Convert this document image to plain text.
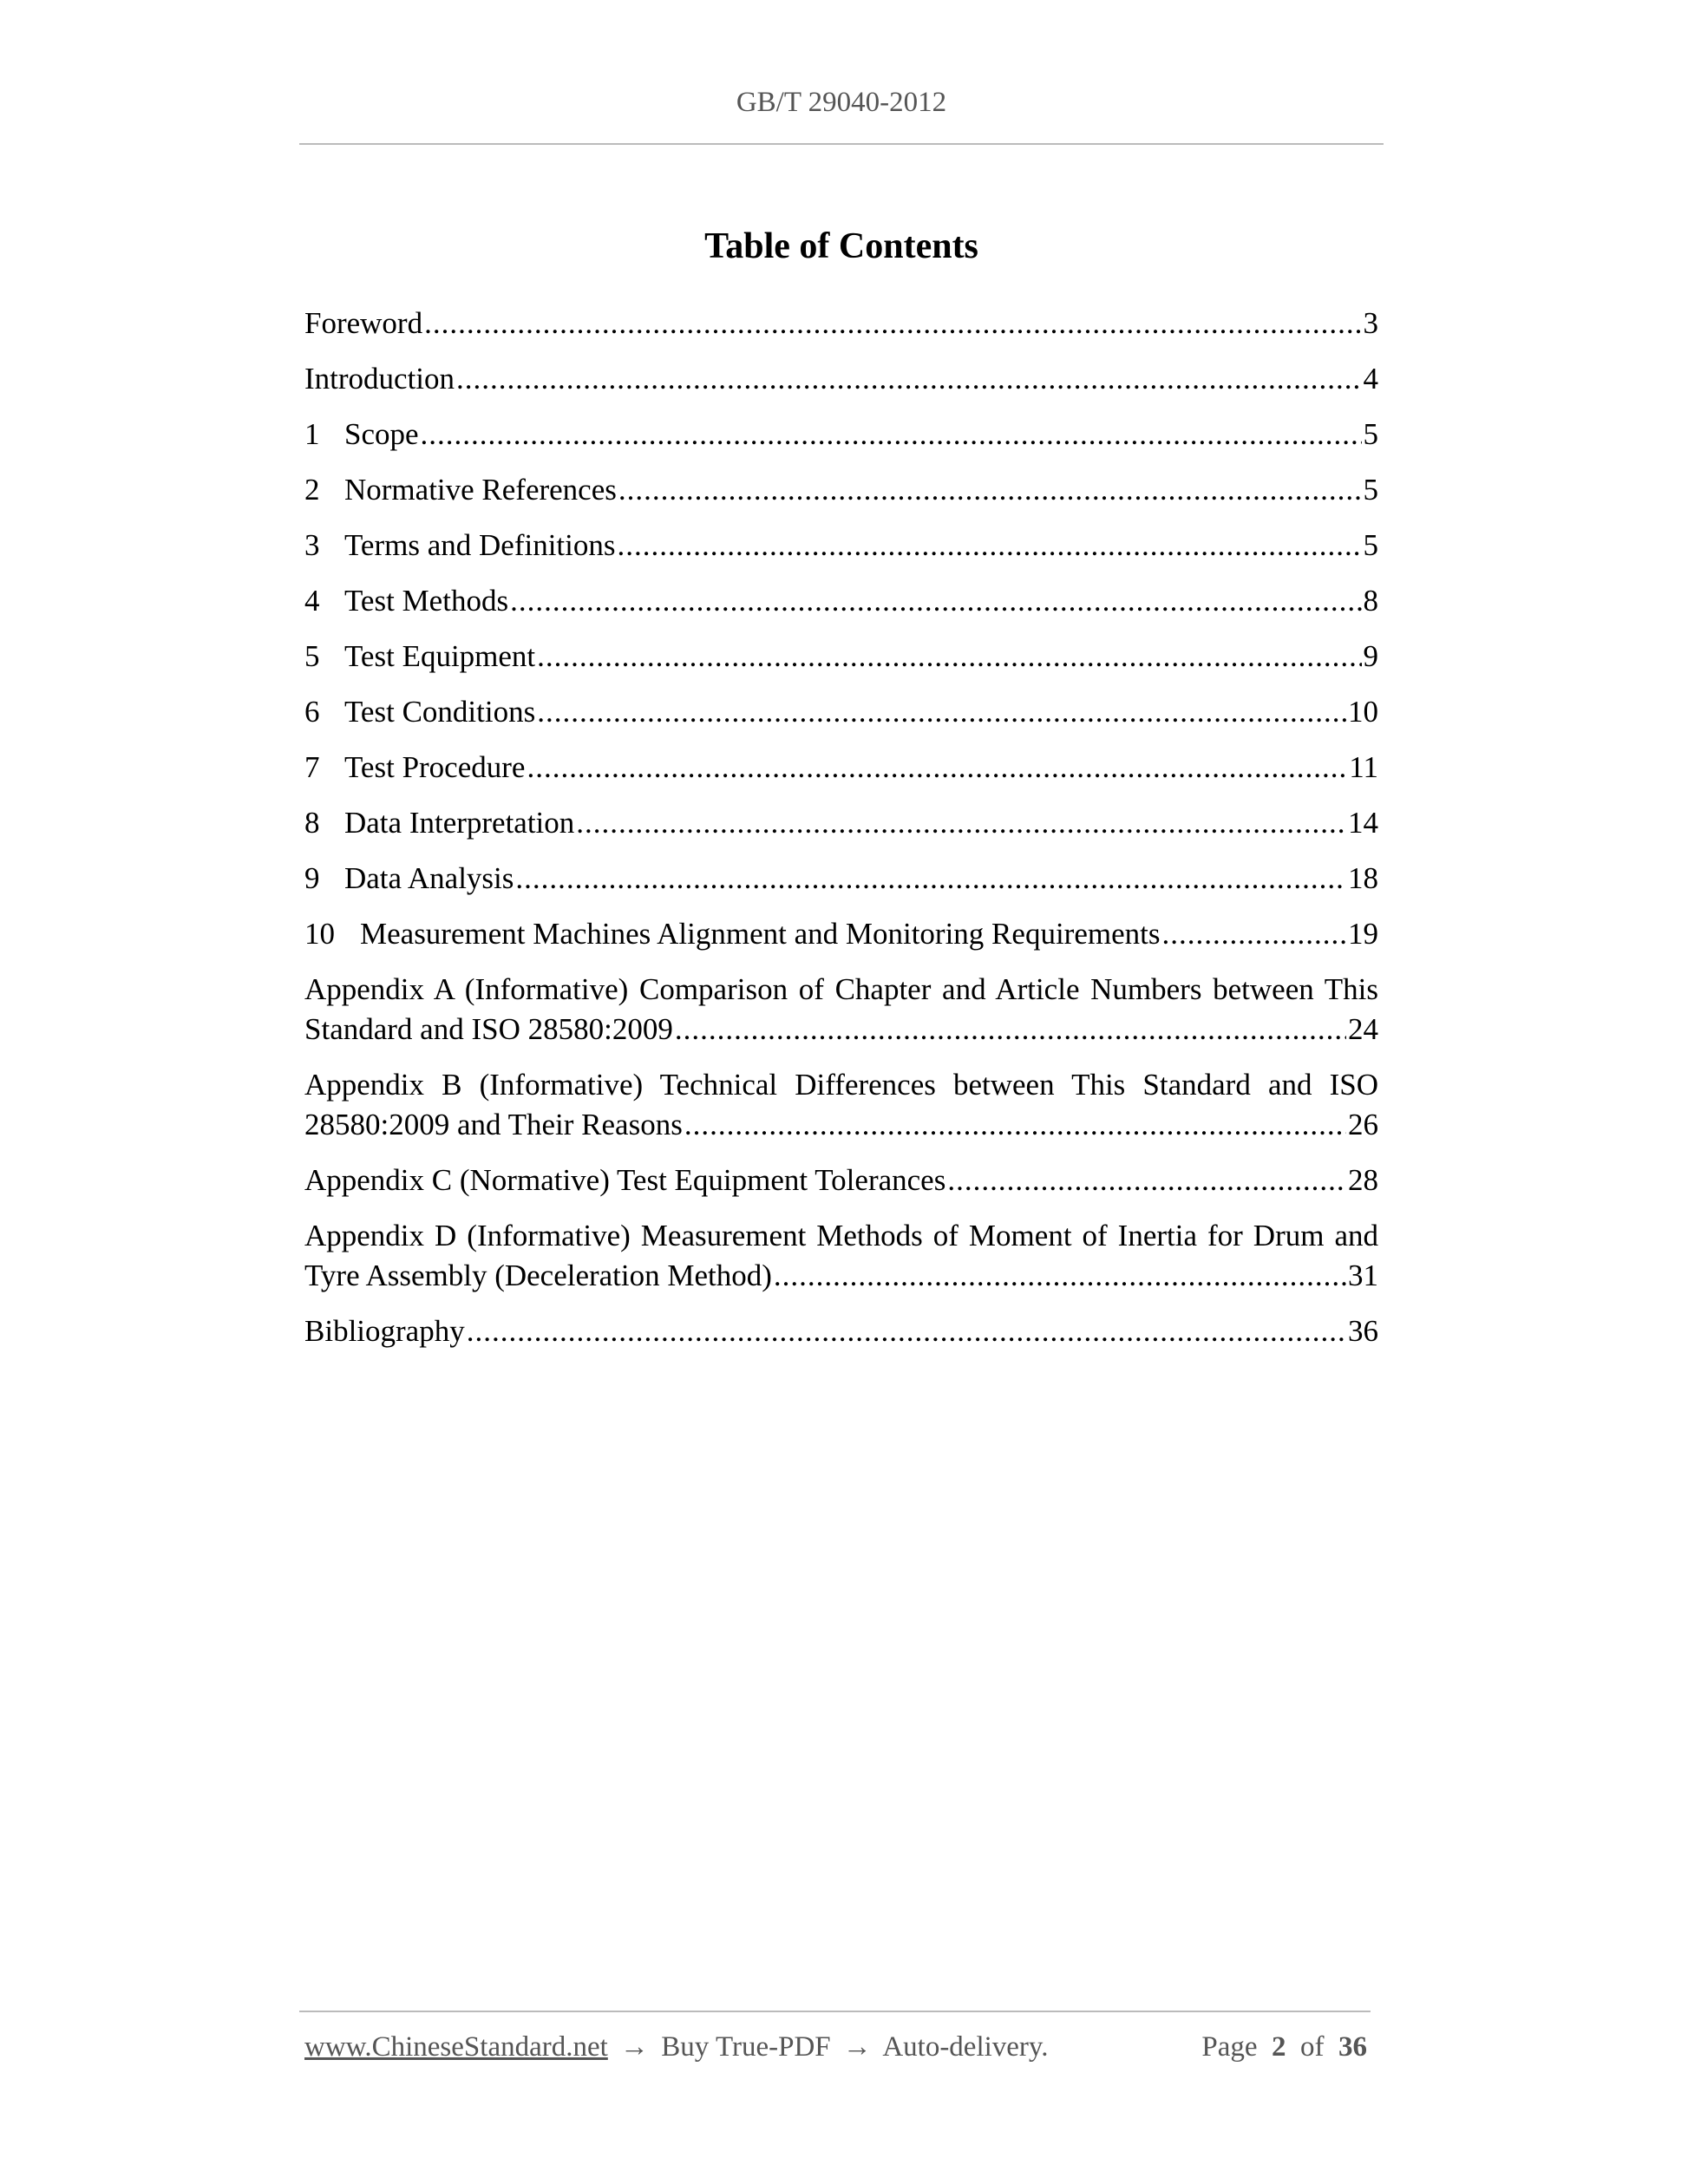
GB/T 29040-2012
Table of Contents
Foreword .....	3
Introduction .....	4
1 Scope .....	5
2 Normative References .....	5
3 Terms and Definitions .....	5
4 Test Methods .....	8
5 Test Equipment .....	9
6 Test Conditions .....	10
7 Test Procedure .....	11
8 Data Interpretation .....	14
9 Data Analysis .....	18
10 Measurement Machines Alignment and Monitoring Requirements .....	19
Appendix A (Informative) Comparison of Chapter and Article Numbers between This
Standard and ISO 28580:2009 .....	24
Appendix B (Informative) Technical Differences between This Standard and ISO
28580:2009 and Their Reasons .....	26
Appendix C (Normative) Test Equipment Tolerances .....	28
Appendix D (Informative) Measurement Methods of Moment of Inertia for Drum and
Tyre Assembly (Deceleration Method) .....	31
Bibliography .....	36
www.ChineseStandard.net → Buy True-PDF → Auto-delivery.	Page 2 of 36
